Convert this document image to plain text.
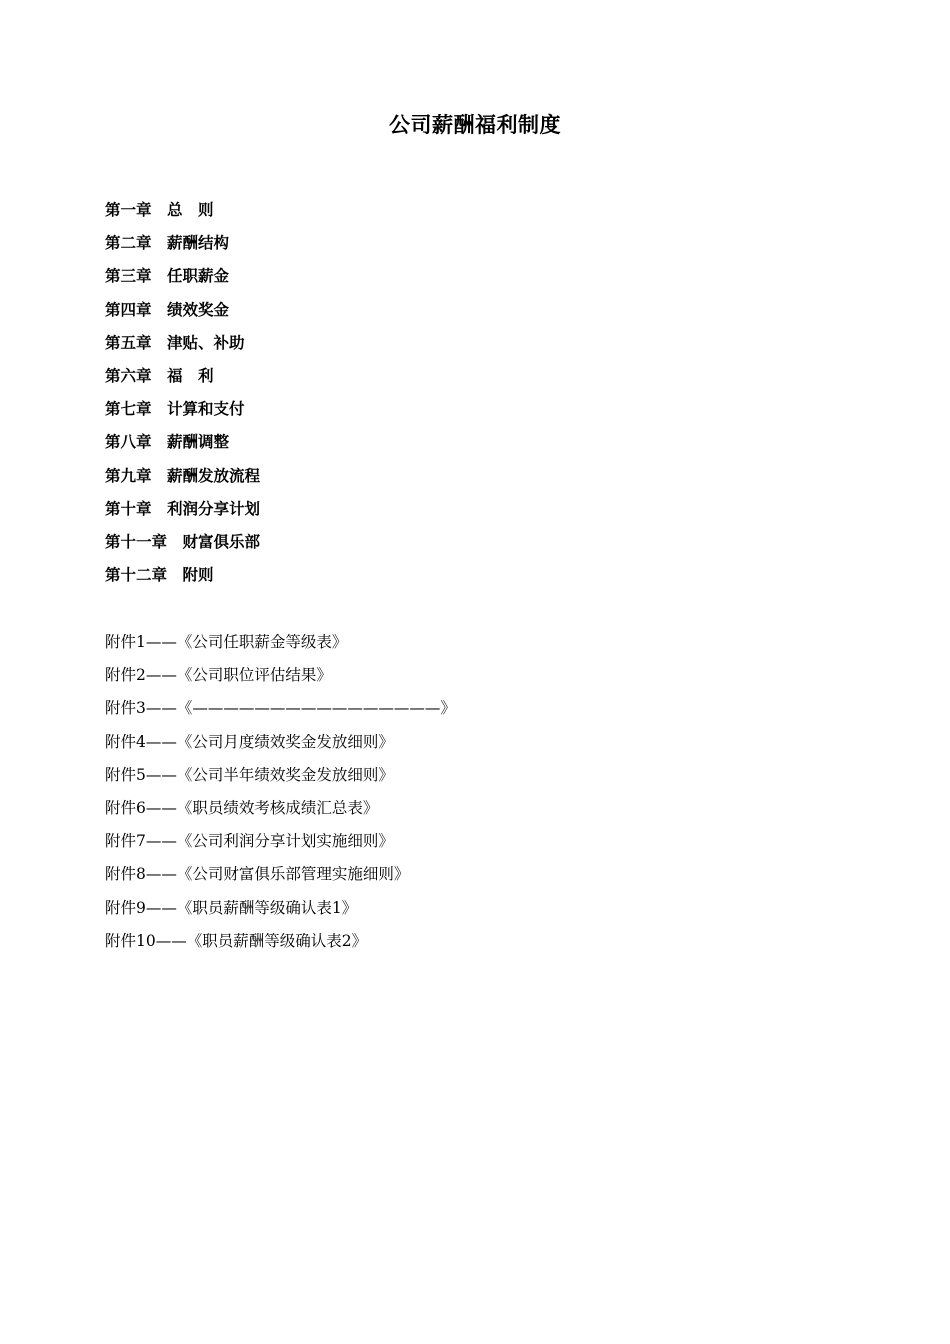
公司薪酬福利制度
第一章　总　则
第二章　薪酬结构
第三章　任职薪金
第四章　绩效奖金
第五章　津贴、补助
第六章　福　利
第七章　计算和支付
第八章　薪酬调整
第九章　薪酬发放流程
第十章　利润分享计划
第十一章　财富俱乐部
第十二章　附则
附件1——《公司任职薪金等级表》
附件2——《公司职位评估结果》
附件3——《————————————————》
附件4——《公司月度绩效奖金发放细则》
附件5——《公司半年绩效奖金发放细则》
附件6——《职员绩效考核成绩汇总表》
附件7——《公司利润分享计划实施细则》
附件8——《公司财富俱乐部管理实施细则》
附件9——《职员薪酬等级确认表1》
附件10——《职员薪酬等级确认表2》
